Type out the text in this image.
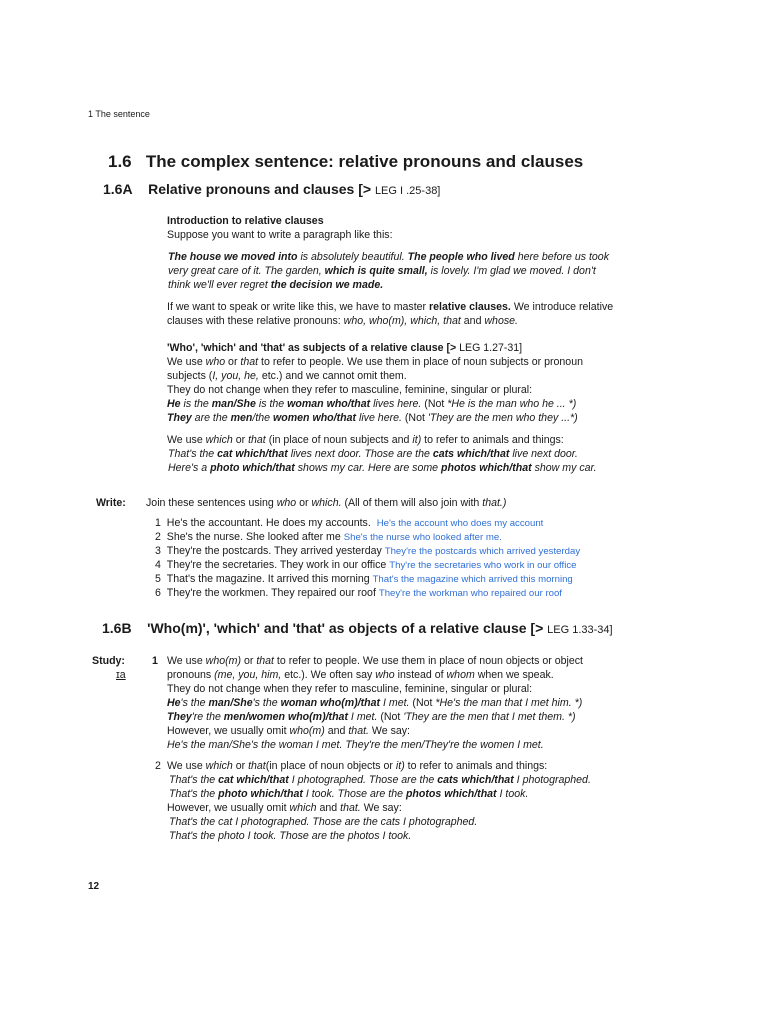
1 The sentence
1.6 The complex sentence: relative pronouns and clauses
1.6A Relative pronouns and clauses [> LEG I .25-38]
Introduction to relative clauses
Suppose you want to write a paragraph like this:
The house we moved into is absolutely beautiful. The people who lived here before us took
very great care of it. The garden, which is quite small, is lovely. I'm glad we moved. I don't
think we'll ever regret the decision we made.
If we want to speak or write like this, we have to master relative clauses. We introduce relative
clauses with these relative pronouns: who, who(m), which, that and whose.
'Who', 'which' and 'that' as subjects of a relative clause [> LEG 1.27-31]
We use who or that to refer to people. We use them in place of noun subjects or pronoun
subjects (I, you, he, etc.) and we cannot omit them.
They do not change when they refer to masculine, feminine, singular or plural:
He is the man/She is the woman who/that lives here. (Not *He is the man who he ... *)
They are the men/the women who/that live here. (Not 'They are the men who they ...*)
We use which or that (in place of noun subjects and it) to refer to animals and things:
That's the cat which/that lives next door. Those are the cats which/that live next door.
Here's a photo which/that shows my car. Here are some photos which/that show my car.
Write: Join these sentences using who or which. (All of them will also join with that.)
1 He's the accountant. He does my accounts. He's the account who does my account
2 She's the nurse. She looked after me She's the nurse who looked after me.
3 They're the postcards. They arrived yesterday They're the postcards which arrived yesterday
4 They're the secretaries. They work in our office Thy're the secretaries who work in our office
5 That's the magazine. It arrived this morning That's the magazine which arrived this morning
6 They're the workmen. They repaired our roof They're the workman who repaired our roof
1.6B 'Who(m)', 'which' and 'that' as objects of a relative clause [> LEG 1.33-34]
Study:
ɪa
1 We use who(m) or that to refer to people. We use them in place of noun objects or object
pronouns (me, you, him, etc.). We often say who instead of whom when we speak.
They do not change when they refer to masculine, feminine, singular or plural:
He's the man/She's the woman who(m)/that I met. (Not *He's the man that I met him. *)
They're the men/women who(m)/that I met. (Not 'They are the men that I met them. *)
However, we usually omit who(m) and that. We say:
He's the man/She's the woman I met. They're the men/They're the women I met.
2 We use which or that(in place of noun objects or it) to refer to animals and things:
That's the cat which/that I photographed. Those are the cats which/that I photographed.
That's the photo which/that I took. Those are the photos which/that I took.
However, we usually omit which and that. We say:
That's the cat I photographed. Those are the cats I photographed.
That's the photo I took. Those are the photos I took.
12
